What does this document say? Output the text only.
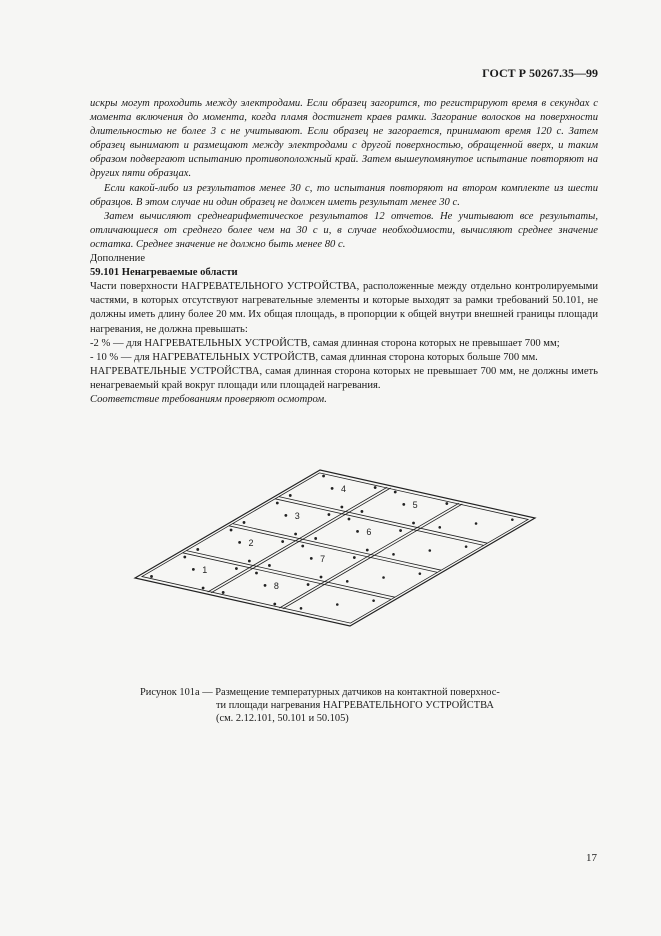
ГОСТ Р 50267.35—99

искры могут проходить между электродами. Если образец загорится, то регистрируют время в секундах с момента включения до момента, когда пламя достигнет краев рамки. Загорание волосков на поверхности длительностью не более 3 с не учитывают. Если образец не загорается, принимают время 120 с. Затем образец вынимают и размещают между электродами с другой поверхностью, обращенной вверх, и таким образом подвергают испытанию противоположный край. Затем вышеупомянутое испытание повторяют на других пяти образцах.

Если какой-либо из результатов менее 30 с, то испытания повторяют на втором комплекте из шести образцов. В этом случае ни один образец не должен иметь результат менее 30 с.

Затем вычисляют среднеарифметическое результатов 12 отчетов. Не учитывают все результаты, отличающиеся от среднего более чем на 30 с и, в случае необходимости, вычисляют среднее значение остатка. Среднее значение не должно быть менее 80 с.

Дополнение

59.101 Ненагреваемые области

Части поверхности НАГРЕВАТЕЛЬНОГО УСТРОЙСТВА, расположенные между отдельно контролируемыми частями, в которых отсутствуют нагревательные элементы и которые выходят за рамки требований 50.101, не должны иметь длину более 20 мм. Их общая площадь, в пропорции к общей внутри внешней границы площади нагревания, не должна превышать:

-2 % — для НАГРЕВАТЕЛЬНЫХ УСТРОЙСТВ, самая длинная сторона которых не превышает 700 мм;

- 10 % — для НАГРЕВАТЕЛЬНЫХ УСТРОЙСТВ, самая длинная сторона которых больше 700 мм.

НАГРЕВАТЕЛЬНЫЕ УСТРОЙСТВА, самая длинная сторона которых не превышает 700 мм, не должны иметь ненагреваемый край вокруг площади или площадей нагревания.

Соответствие требованиям проверяют осмотром.

1
2
3
4
5
6
7
8
Рисунок 101а — Размещение температурных датчиков на контактной поверхнос-
ти площади нагревания НАГРЕВАТЕЛЬНОГО УСТРОЙСТВА
(см. 2.12.101, 50.101 и 50.105)
17
